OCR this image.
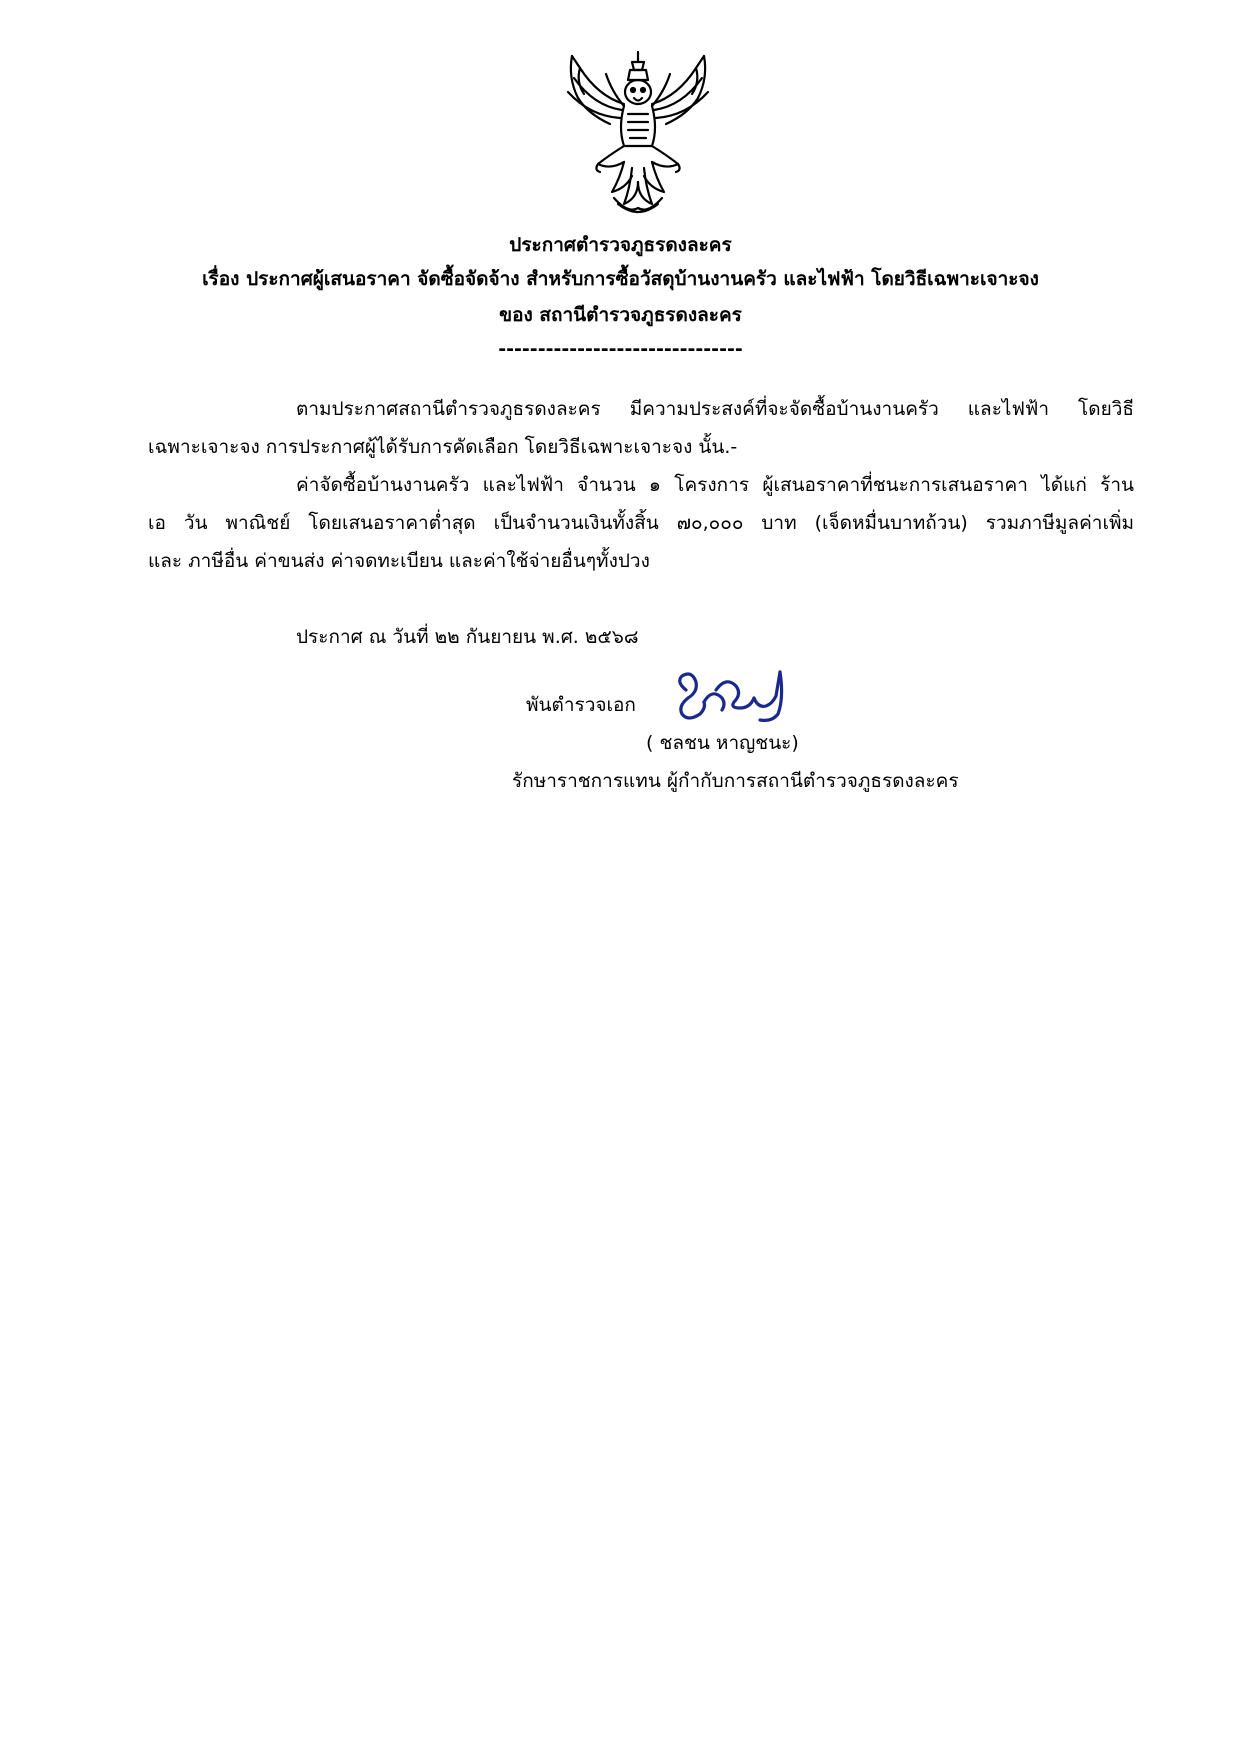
ประกาศตำรวจภูธรดงละคร
เรื่อง ประกาศผู้เสนอราคา จัดซื้อจัดจ้าง สำหรับการซื้อวัสดุบ้านงานครัว และไฟฟ้า โดยวิธีเฉพาะเจาะจง
ของ สถานีตำรวจภูธรดงละคร
-------------------------------
ตามประกาศสถานีตำรวจภูธรดงละคร มีความประสงค์ที่จะจัดซื้อบ้านงานครัว และไฟฟ้า โดยวิธี
เฉพาะเจาะจง การประกาศผู้ได้รับการคัดเลือก โดยวิธีเฉพาะเจาะจง นั้น.-
ค่าจัดซื้อบ้านงานครัว และไฟฟ้า จำนวน ๑ โครงการ ผู้เสนอราคาที่ชนะการเสนอราคา ได้แก่ ร้าน
เอ วัน พาณิชย์ โดยเสนอราคาต่ำสุด เป็นจำนวนเงินทั้งสิ้น ๗๐,๐๐๐ บาท (เจ็ดหมื่นบาทถ้วน) รวมภาษีมูลค่าเพิ่ม
และ ภาษีอื่น ค่าขนส่ง ค่าจดทะเบียน และค่าใช้จ่ายอื่นๆทั้งปวง
ประกาศ ณ วันที่ ๒๒ กันยายน พ.ศ. ๒๕๖๘
พันตำรวจเอก
( ชลชน หาญชนะ)
รักษาราชการแทน ผู้กำกับการสถานีตำรวจภูธรดงละคร
